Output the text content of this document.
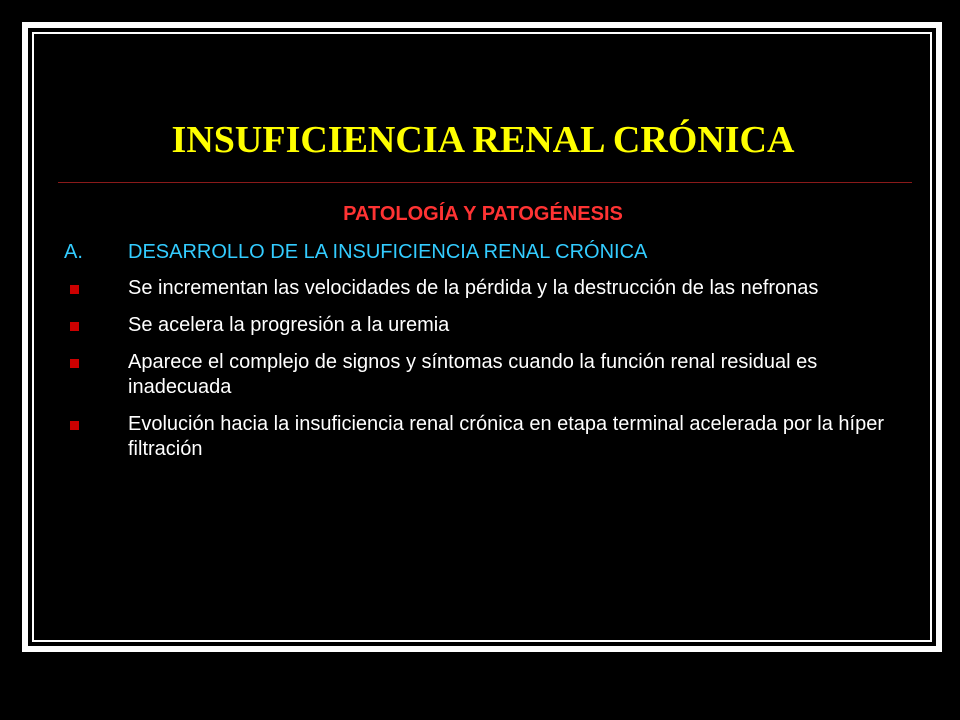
INSUFICIENCIA RENAL CRÓNICA
PATOLOGÍA Y PATOGÉNESIS
A. DESARROLLO DE LA INSUFICIENCIA RENAL CRÓNICA
Se incrementan las velocidades de la pérdida y la destrucción de las nefronas
Se acelera la progresión a la uremia
Aparece el complejo de signos y síntomas cuando la función renal residual es inadecuada
Evolución hacia la insuficiencia renal crónica en etapa terminal acelerada por la híper filtración
